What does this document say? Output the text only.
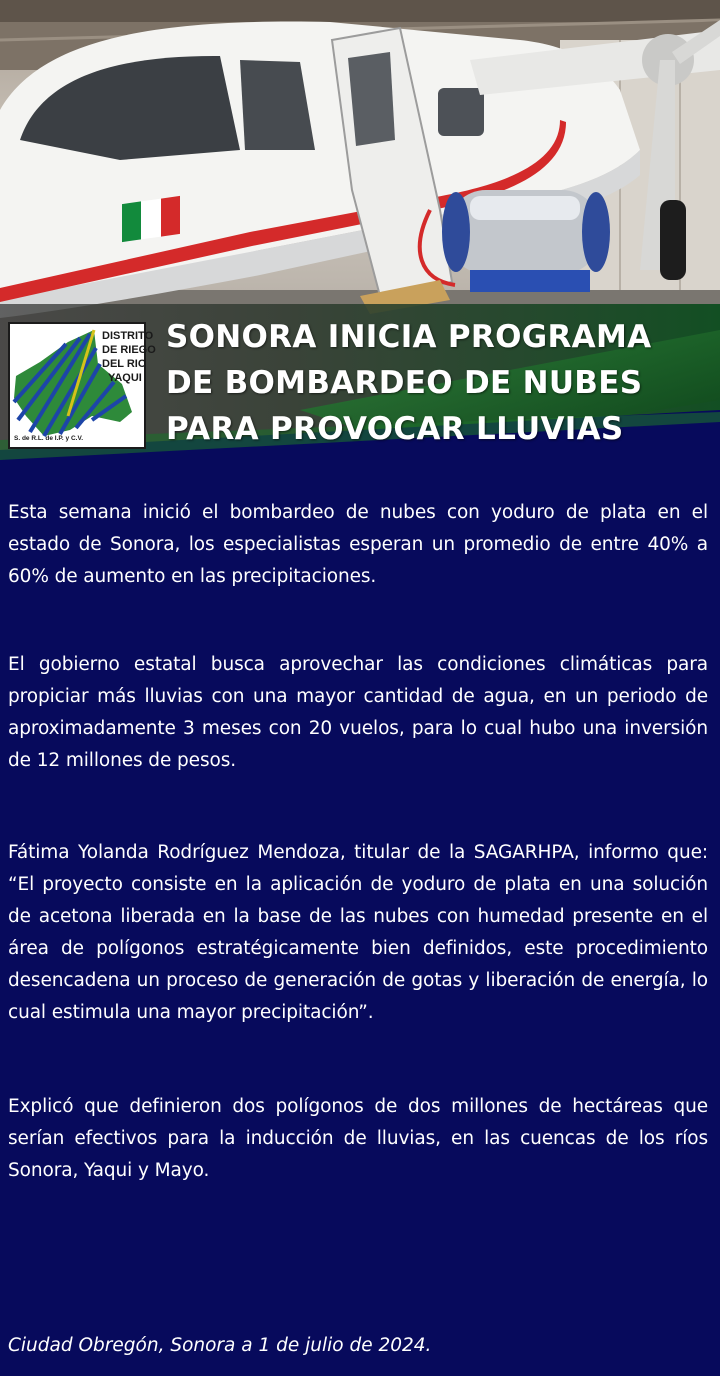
DISTRITO
DE RIEGO
DEL RIO
YAQUI
S. de R.L. de I.P. y C.V.
SONORA INICIA PROGRAMA
DE BOMBARDEO DE NUBES
PARA PROVOCAR LLUVIAS

Esta semana inició el bombardeo de nubes con yoduro de plata en el estado de Sonora, los especialistas esperan un promedio de entre 40% a 60% de aumento en las precipitaciones.

El gobierno estatal busca aprovechar las condiciones climáticas para propiciar más lluvias con una mayor cantidad de agua, en un periodo de aproximadamente 3 meses con 20 vuelos, para lo cual hubo una inversión de 12 millones de pesos.

Fátima Yolanda Rodríguez Mendoza, titular de la SAGARHPA, informo que: “El proyecto consiste en la aplicación de yoduro de plata en una solución de acetona liberada en la base de las nubes con humedad presente en el área de polígonos estratégicamente bien definidos, este procedimiento desencadena un proceso de generación de gotas y liberación de energía, lo cual estimula una mayor precipitación”.

Explicó que definieron dos polígonos de dos millones de hectáreas que serían efectivos para la inducción de lluvias, en las cuencas de los ríos Sonora, Yaqui y Mayo.

Ciudad Obregón, Sonora a 1 de julio de 2024.
